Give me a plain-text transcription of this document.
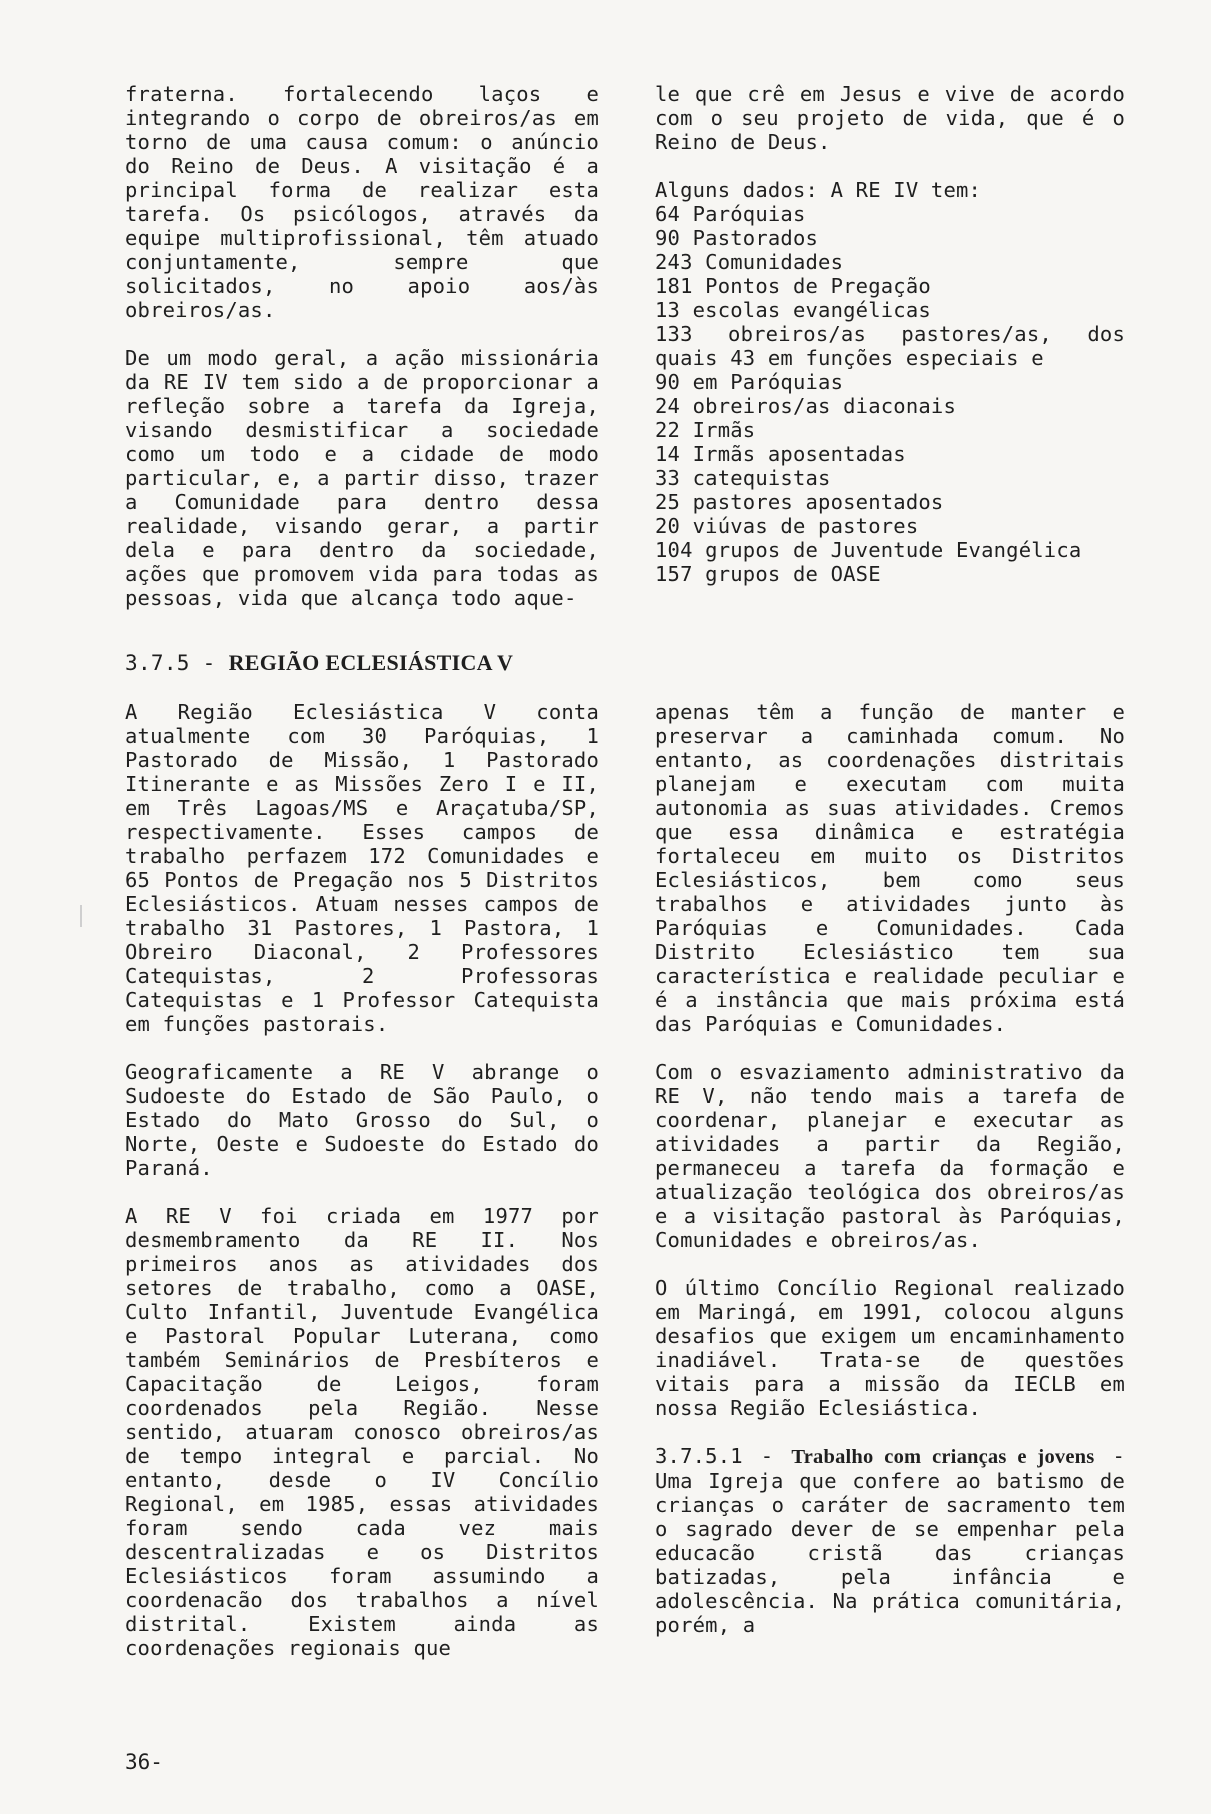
fraterna. fortalecendo laços e integrando o corpo de obreiros/as em torno de uma causa comum: o anúncio do Reino de Deus. A visitação é a principal forma de realizar esta tarefa. Os psicólogos, através da equipe multiprofissional, têm atuado conjuntamente, sempre que solicitados, no apoio aos/às obreiros/as.

De um modo geral, a ação missionária da RE IV tem sido a de proporcionar a refleção sobre a tarefa da Igreja, visando desmistificar a sociedade como um todo e a cidade de modo particular, e, a partir disso, trazer a Comunidade para dentro dessa realidade, visando gerar, a partir dela e para dentro da sociedade, ações que promovem vida para todas as pessoas, vida que alcança todo aque-

le que crê em Jesus e vive de acordo com o seu projeto de vida, que é o Reino de Deus.

Alguns dados: A RE IV tem:
64 Paróquias
90 Pastorados
243 Comunidades
181 Pontos de Pregação
13 escolas evangélicas
133 obreiros/as pastores/as, dos quais 43 em funções especiais e
90 em Paróquias
24 obreiros/as diaconais
22 Irmãs
14 Irmãs aposentadas
33 catequistas
25 pastores aposentados
20 viúvas de pastores
104 grupos de Juventude Evangélica
157 grupos de OASE
3.7.5 - REGIÃO ECLESIÁSTICA V

A Região Eclesiástica V conta atualmente com 30 Paróquias, 1 Pastorado de Missão, 1 Pastorado Itinerante e as Missões Zero I e II, em Três Lagoas/MS e Araçatuba/SP, respectivamente. Esses campos de trabalho perfazem 172 Comunidades e 65 Pontos de Pregação nos 5 Distritos Eclesiásticos. Atuam nesses campos de trabalho 31 Pastores, 1 Pastora, 1 Obreiro Diaconal, 2 Professores Catequistas, 2 Professoras Catequistas e 1 Professor Catequista em funções pastorais.

Geograficamente a RE V abrange o Sudoeste do Estado de São Paulo, o Estado do Mato Grosso do Sul, o Norte, Oeste e Sudoeste do Estado do Paraná.

A RE V foi criada em 1977 por desmembramento da RE II. Nos primeiros anos as atividades dos setores de trabalho, como a OASE, Culto Infantil, Juventude Evangélica e Pastoral Popular Luterana, como também Seminários de Presbíteros e Capacitação de Leigos, foram coordenados pela Região. Nesse sentido, atuaram conosco obreiros/as de tempo integral e parcial. No entanto, desde o IV Concílio Regional, em 1985, essas atividades foram sendo cada vez mais descentralizadas e os Distritos Eclesiásticos foram assumindo a coordenacão dos trabalhos a nível distrital. Existem ainda as coordenações regionais que

apenas têm a função de manter e preservar a caminhada comum. No entanto, as coordenações distritais planejam e executam com muita autonomia as suas atividades. Cremos que essa dinâmica e estratégia fortaleceu em muito os Distritos Eclesiásticos, bem como seus trabalhos e atividades junto às Paróquias e Comunidades. Cada Distrito Eclesiástico tem sua característica e realidade peculiar e é a instância que mais próxima está das Paróquias e Comunidades.

Com o esvaziamento administrativo da RE V, não tendo mais a tarefa de coordenar, planejar e executar as atividades a partir da Região, permaneceu a tarefa da formação e atualização teológica dos obreiros/as e a visitação pastoral às Paróquias, Comunidades e obreiros/as.

O último Concílio Regional realizado em Maringá, em 1991, colocou alguns desafios que exigem um encaminhamento inadiável. Trata-se de questões vitais para a missão da IECLB em nossa Região Eclesiástica.

3.7.5.1 - Trabalho com crianças e jovens - Uma Igreja que confere ao batismo de crianças o caráter de sacramento tem o sagrado dever de se empenhar pela educacão cristã das crianças batizadas, pela infância e adolescência. Na prática comunitária, porém, a

36-
